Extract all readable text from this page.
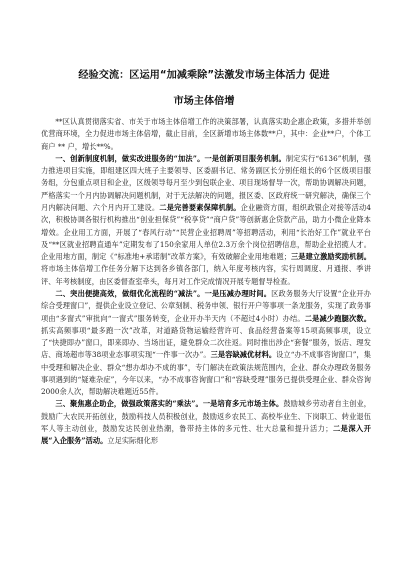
经验交流：区运用“加减乘除”法激发市场主体活力 促进
市场主体倍增

**区认真贯彻落实省、市关于市场主体倍增工作的决策部署，认真落实助企惠企政策，多措并举创优营商环境，全力促进市场主体倍增，截止目前，全区新增市场主体数**户，其中：企业**户，个体工商户 ** 户，增长**%。

一、创新制度机制，做实改进服务的“加法”。一是创新项目服务机制。制定实行“6136”机制，强力推进项目实施，即组建区四大班子主要领导、区委副书记、常务副区长分别任组长的6个区级项目服务组，分包重点项目和企业，区级领导每月至少到包联企业、项目现场督导一次，帮助协调解决问题，严格落实一个月内协调解决问题机制，对于无法解决的问题，报区委、区政府统一研究解决，确保三个月内解决问题、六个月内开工建设。二是完善要素保障机制。企业融资方面，组织政银企对接等活动4次，积极协调各银行机构推出“创业担保贷”“税享贷”“商户贷”等创新惠企贷款产品，助力小微企业降本增效。企业用工方面，开展了“春风行动”“民营企业招聘周”等招聘活动，利用“长治好工作”就业平台及“**区就业招聘直通车”定期发布了150余家用人单位2.3万余个岗位招聘信息，帮助企业招揽人才。企业用地方面，制定《“标准地+承诺制”改革方案》，有效破解企业用地难题；三是建立激励奖励机制。将市场主体倍增工作任务分解下达到各乡镇各部门，纳入年度考核内容，实行周调度、月通报、季讲评、年考核制度，由区委督查室牵头，每月对工作完成情况开展专题督导检查。

二、突出便捷高效，做细优化流程的“减法”。一是压减办理时间。区政务服务大厅设置“企业开办综合受理窗口”，提供企业设立登记、公章刻制、税务申领、银行开户等事项一条龙服务，实现了政务事项由“多窗式”审批向“一窗式”服务转变，企业开办半天内（不超过4小时）办结。二是减少跑腿次数。抓实高频事项“最多跑一次”改革，对道路货物运输经营许可、食品经营备案等15项高频事项，设立了“快捷即办”窗口，即来即办、当场出证，避免群众二次往返。同时推出涉企“套餐”服务，饭店、理发店、商场超市等38项业态事项实现“一件事一次办”。三是容缺减优材料。设立“办不成事咨询窗口”，集中受理和解决企业、群众“想办却办不成的事”，专门解决在政策法规范围内，企业、群众办理政务服务事项遇到的“疑难杂症”，今年以来，“办不成事咨询窗口”和“容缺受理”服务已提供受理企业、群众咨询2000余人次，帮助解决难题近55件。

三、聚焦惠企助企，做强政策落实的“乘法”。一是培育多元市场主体。鼓励城乡劳动者自主创业，鼓励广大农民开拓创业，鼓励科技人员积极创业，鼓励返乡农民工、高校毕业生、下岗职工、转业退伍军人等主动创业，鼓励发达民创业热潮，鲁带持主体的多元性、壮大总量和提升活力；二是深入开展“入企服务”活动。立足实际细化形
